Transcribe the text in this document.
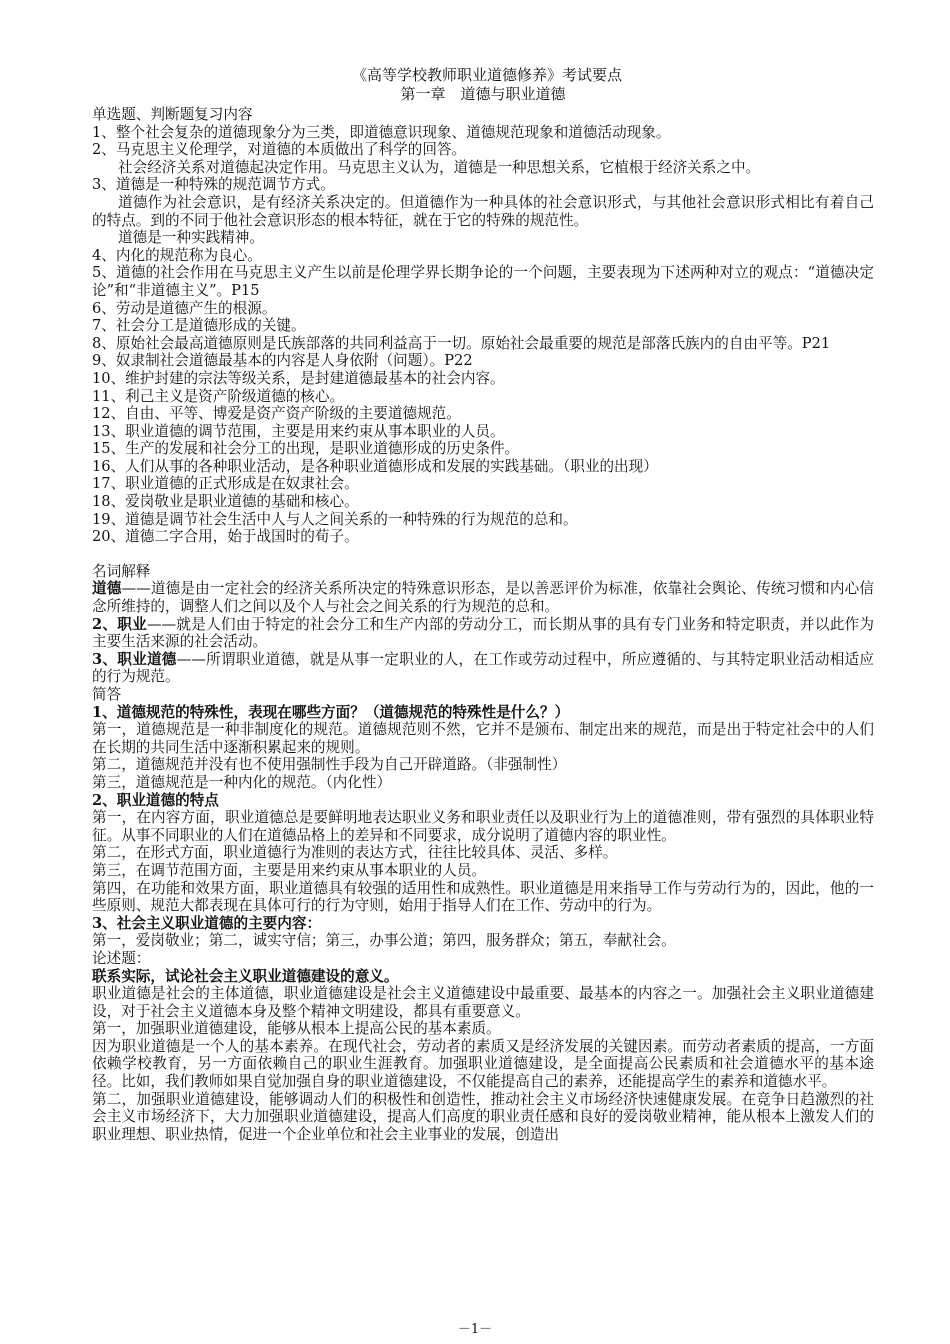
《高等学校教师职业道德修养》考试要点
第一章　道德与职业道德

单选题、判断题复习内容

1、整个社会复杂的道德现象分为三类，即道德意识现象、道德规范现象和道德活动现象。

2、马克思主义伦理学，对道德的本质做出了科学的回答。

社会经济关系对道德起决定作用。马克思主义认为，道德是一种思想关系，它植根于经济关系之中。

3、道德是一种特殊的规范调节方式。

道德作为社会意识，是有经济关系决定的。但道德作为一种具体的社会意识形式，与其他社会意识形式相比有着自己的特点。到的不同于他社会意识形态的根本特征，就在于它的特殊的规范性。

道德是一种实践精神。

4、内化的规范称为良心。

5、道德的社会作用在马克思主义产生以前是伦理学界长期争论的一个问题，主要表现为下述两种对立的观点：“道德决定论”和“非道德主义”。P15

6、劳动是道德产生的根源。

7、社会分工是道德形成的关键。

8、原始社会最高道德原则是氏族部落的共同利益高于一切。原始社会最重要的规范是部落氏族内的自由平等。P21

9、奴隶制社会道德最基本的内容是人身依附（问题）。P22

10、维护封建的宗法等级关系，是封建道德最基本的社会内容。

11、利己主义是资产阶级道德的核心。

12、自由、平等、博爱是资产资产阶级的主要道德规范。

13、职业道德的调节范围，主要是用来约束从事本职业的人员。

15、生产的发展和社会分工的出现，是职业道德形成的历史条件。

16、人们从事的各种职业活动，是各种职业道德形成和发展的实践基础。（职业的出现）

17、职业道德的正式形成是在奴隶社会。

18、爱岗敬业是职业道德的基础和核心。

19、道德是调节社会生活中人与人之间关系的一种特殊的行为规范的总和。

20、道德二字合用，始于战国时的荀子。

名词解释

道德——道德是由一定社会的经济关系所决定的特殊意识形态，是以善恶评价为标准，依靠社会舆论、传统习惯和内心信念所维持的，调整人们之间以及个人与社会之间关系的行为规范的总和。

2、职业——就是人们由于特定的社会分工和生产内部的劳动分工，而长期从事的具有专门业务和特定职责，并以此作为主要生活来源的社会活动。

3、职业道德——所谓职业道德，就是从事一定职业的人，在工作或劳动过程中，所应遵循的、与其特定职业活动相适应的行为规范。

简答

1、道德规范的特殊性，表现在哪些方面？（道德规范的特殊性是什么？）

第一，道德规范是一种非制度化的规范。道德规范则不然，它并不是颁布、制定出来的规范，而是出于特定社会中的人们在长期的共同生活中逐渐积累起来的规则。

第二，道德规范并没有也不使用强制性手段为自己开辟道路。（非强制性）

第三，道德规范是一种内化的规范。（内化性）

2、职业道德的特点

第一，在内容方面，职业道德总是要鲜明地表达职业义务和职业责任以及职业行为上的道德准则，带有强烈的具体职业特征。从事不同职业的人们在道德品格上的差异和不同要求，成分说明了道德内容的职业性。

第二，在形式方面，职业道德行为准则的表达方式，往往比较具体、灵活、多样。

第三，在调节范围方面，主要是用来约束从事本职业的人员。

第四，在功能和效果方面，职业道德具有较强的适用性和成熟性。职业道德是用来指导工作与劳动行为的，因此，他的一些原则、规范大都表现在具体可行的行为守则，始用于指导人们在工作、劳动中的行为。

3、社会主义职业道德的主要内容：

第一，爱岗敬业；第二，诚实守信；第三，办事公道；第四，服务群众；第五，奉献社会。

论述题：

联系实际，试论社会主义职业道德建设的意义。

职业道德是社会的主体道德，职业道德建设是社会主义道德建设中最重要、最基本的内容之一。加强社会主义职业道德建设，对于社会主义道德本身及整个精神文明建设，都具有重要意义。

第一，加强职业道德建设，能够从根本上提高公民的基本素质。

因为职业道德是一个人的基本素养。在现代社会，劳动者的素质又是经济发展的关键因素。而劳动者素质的提高，一方面依赖学校教育，另一方面依赖自己的职业生涯教育。加强职业道德建设，是全面提高公民素质和社会道德水平的基本途径。比如，我们教师如果自觉加强自身的职业道德建设，不仅能提高自己的素养，还能提高学生的素养和道德水平。

第二，加强职业道德建设，能够调动人们的积极性和创造性，推动社会主义市场经济快速健康发展。在竞争日趋激烈的社会主义市场经济下，大力加强职业道德建设，提高人们高度的职业责任感和良好的爱岗敬业精神，能从根本上激发人们的职业理想、职业热情，促进一个企业单位和社会主业事业的发展，创造出

－1－
